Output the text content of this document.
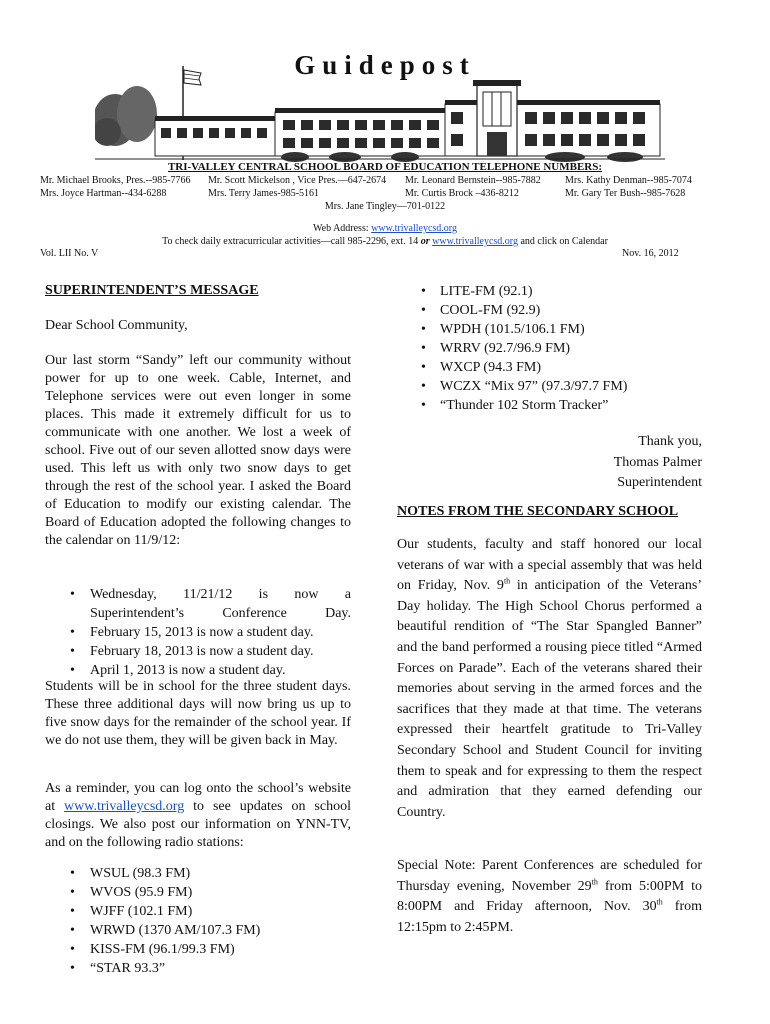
Guidepost
TRI-VALLEY CENTRAL SCHOOL BOARD OF EDUCATION TELEPHONE NUMBERS:
Mr. Michael Brooks, Pres.--985-7766 Mr. Scott Mickelson , Vice Pres.—647-2674 Mr. Leonard Bernstein--985-7882 Mrs. Kathy Denman--985-7074
Mrs. Joyce Hartman--434-6288	Mrs. Terry James-985-5161	Mr. Curtis Brock –436-8212	Mr. Gary Ter Bush--985-7628
Mrs. Jane Tingley—701-0122
Web Address: www.trivalleycsd.org
To check daily extracurricular activities—call 985-2296, ext. 14 or www.trivalleycsd.org and click on Calendar
Vol. LII No. V	Nov. 16, 2012
SUPERINTENDENT’S MESSAGE
Dear School Community,
Our last storm “Sandy” left our community without power for up to one week. Cable, Internet, and Telephone services were out even longer in some places. This made it extremely difficult for us to communicate with one another. We lost a week of school. Five out of our seven allotted snow days were used. This left us with only two snow days to get through the rest of the school year. I asked the Board of Education to modify our existing calendar. The Board of Education adopted the following changes to the calendar on 11/9/12:
• Wednesday, 11/21/12 is now a Superintendent’s Conference Day.
• February 15, 2013 is now a student day.
• February 18, 2013 is now a student day.
• April 1, 2013 is now a student day.
Students will be in school for the three student days. These three additional days will now bring us up to five snow days for the remainder of the school year. If we do not use them, they will be given back in May.
As a reminder, you can log onto the school’s website at www.trivalleycsd.org to see updates on school closings. We also post our information on YNN-TV, and on the following radio stations:
• WSUL (98.3 FM)
• WVOS (95.9 FM)
• WJFF (102.1 FM)
• WRWD (1370 AM/107.3 FM)
• KISS-FM (96.1/99.3 FM)
• “STAR 93.3”
• LITE-FM (92.1)
• COOL-FM (92.9)
• WPDH (101.5/106.1 FM)
• WRRV (92.7/96.9 FM)
• WXCP (94.3 FM)
• WCZX “Mix 97” (97.3/97.7 FM)
• “Thunder 102 Storm Tracker”
Thank you,
Thomas Palmer
Superintendent
NOTES FROM THE SECONDARY SCHOOL
Our students, faculty and staff honored our local veterans of war with a special assembly that was held on Friday, Nov. 9th in anticipation of the Veterans’ Day holiday. The High School Chorus performed a beautiful rendition of “The Star Spangled Banner” and the band performed a rousing piece titled “Armed Forces on Parade”. Each of the veterans shared their memories about serving in the armed forces and the sacrifices that they made at that time. The veterans expressed their heartfelt gratitude to Tri-Valley Secondary School and Student Council for inviting them to speak and for expressing to them the respect and admiration that they earned defending our Country.
Special Note: Parent Conferences are scheduled for Thursday evening, November 29th from 5:00PM to 8:00PM and Friday afternoon, Nov. 30th from 12:15pm to 2:45PM.
